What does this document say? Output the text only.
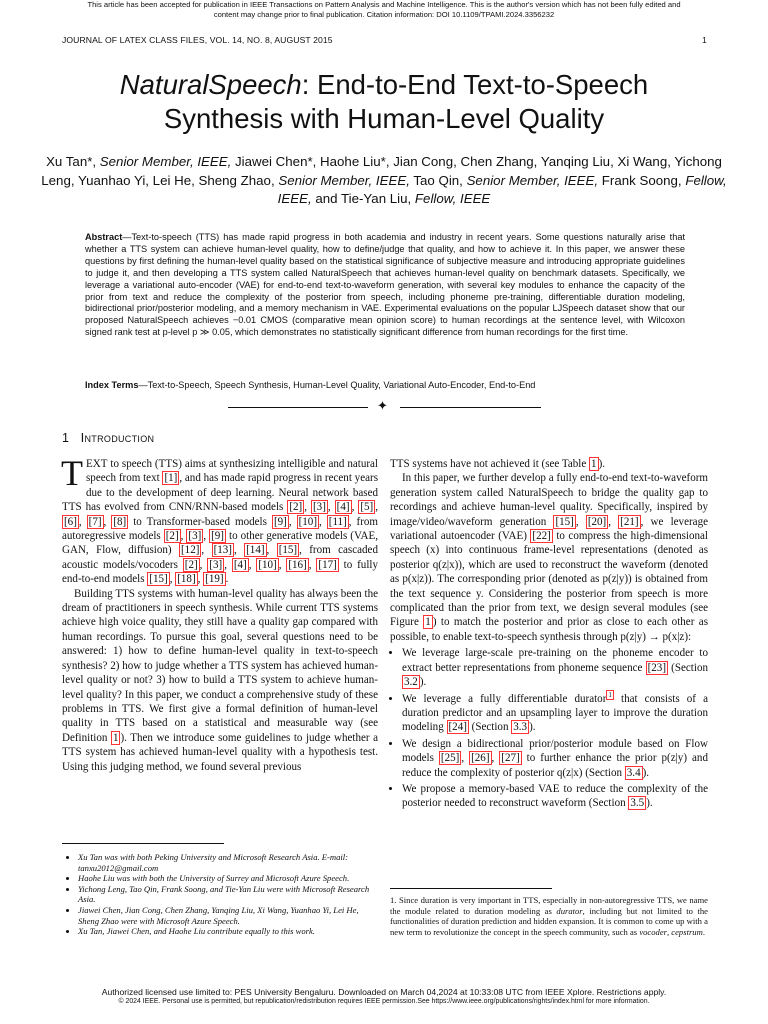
This article has been accepted for publication in IEEE Transactions on Pattern Analysis and Machine Intelligence. This is the author's version which has not been fully edited and
content may change prior to final publication. Citation information: DOI 10.1109/TPAMI.2024.3356232
JOURNAL OF LATEX CLASS FILES, VOL. 14, NO. 8, AUGUST 2015	1
NaturalSpeech: End-to-End Text-to-Speech
Synthesis with Human-Level Quality
Xu Tan*, Senior Member, IEEE, Jiawei Chen*, Haohe Liu*, Jian Cong, Chen Zhang, Yanqing Liu, Xi Wang, Yichong Leng, Yuanhao Yi, Lei He, Sheng Zhao, Senior Member, IEEE, Tao Qin, Senior Member, IEEE, Frank Soong, Fellow, IEEE, and Tie-Yan Liu, Fellow, IEEE
Abstract—Text-to-speech (TTS) has made rapid progress in both academia and industry in recent years. Some questions naturally arise that whether a TTS system can achieve human-level quality, how to define/judge that quality, and how to achieve it. In this paper, we answer these questions by first defining the human-level quality based on the statistical significance of subjective measure and introducing appropriate guidelines to judge it, and then developing a TTS system called NaturalSpeech that achieves human-level quality on benchmark datasets. Specifically, we leverage a variational auto-encoder (VAE) for end-to-end text-to-waveform generation, with several key modules to enhance the capacity of the prior from text and reduce the complexity of the posterior from speech, including phoneme pre-training, differentiable duration modeling, bidirectional prior/posterior modeling, and a memory mechanism in VAE. Experimental evaluations on the popular LJSpeech dataset show that our proposed NaturalSpeech achieves −0.01 CMOS (comparative mean opinion score) to human recordings at the sentence level, with Wilcoxon signed rank test at p-level p ≫ 0.05, which demonstrates no statistically significant difference from human recordings for the first time.
Index Terms—Text-to-Speech, Speech Synthesis, Human-Level Quality, Variational Auto-Encoder, End-to-End
✦
1 Introduction

TEXT to speech (TTS) aims at synthesizing intelligible and natural speech from text [1] , and has made rapid progress in recent years due to the development of deep learning. Neural network based TTS has evolved from CNN/RNN-based models [2] , [3] , [4] , [5] , [6] , [7] , [8] to Transformer-based models [9] , [10] , [11] , from autoregressive models [2] , [3] , [9] to other generative models (VAE, GAN, Flow, diffusion) [12] , [13] , [14] , [15] , from cascaded acoustic models/vocoders [2] , [3] , [4] , [10] , [16] , [17] to fully end-to-end models [15] , [18] , [19] .

Building TTS systems with human-level quality has always been the dream of practitioners in speech synthesis. While current TTS systems achieve high voice quality, they still have a quality gap compared with human recordings. To pursue this goal, several questions need to be answered: 1) how to define human-level quality in text-to-speech synthesis? 2) how to judge whether a TTS system has achieved human-level quality or not? 3) how to build a TTS system to achieve human-level quality? In this paper, we conduct a comprehensive study of these problems in TTS. We first give a formal definition of human-level quality in TTS based on a statistical and measurable way (see Definition 1 ). Then we introduce some guidelines to judge whether a TTS system has achieved human-level quality with a hypothesis test. Using this judging method, we found several previous

TTS systems have not achieved it (see Table 1 ).

In this paper, we further develop a fully end-to-end text-to-waveform generation system called NaturalSpeech to bridge the quality gap to recordings and achieve human-level quality. Specifically, inspired by image/video/waveform generation [15] , [20] , [21] , we leverage variational autoencoder (VAE) [22] to compress the high-dimensional speech (x) into continuous frame-level representations (denoted as posterior q(z|x)), which are used to reconstruct the waveform (denoted as p(x|z)). The corresponding prior (denoted as p(z|y)) is obtained from the text sequence y. Considering the posterior from speech is more complicated than the prior from text, we design several modules (see Figure 1 ) to match the posterior and prior as close to each other as possible, to enable text-to-speech synthesis through p(z|y) → p(x|z):

• We leverage large-scale pre-training on the phoneme encoder to extract better representations from phoneme sequence [23] (Section 3.2 ).
• We leverage a fully differentiable durator $^1$ that consists of a duration predictor and an upsampling layer to improve the duration modeling [24] (Section 3.3 ).
• We design a bidirectional prior/posterior module based on Flow models [25] , [26] , [27] to further enhance the prior p(z|y) and reduce the complexity of posterior q(z|x) (Section 3.4 ).
• We propose a memory-based VAE to reduce the complexity of the posterior needed to reconstruct waveform (Section 3.5 ).
• Xu Tan was with both Peking University and Microsoft Research Asia. E-mail: tanxu2012@gmail.com
• Haohe Liu was with both the University of Surrey and Microsoft Azure Speech.
• Yichong Leng, Tao Qin, Frank Soong, and Tie-Yan Liu were with Microsoft Research Asia.
• Jiawei Chen, Jian Cong, Chen Zhang, Yanqing Liu, Xi Wang, Yuanhao Yi, Lei He, Sheng Zhao were with Microsoft Azure Speech.
• Xu Tan, Jiawei Chen, and Haohe Liu contribute equally to this work.
1. Since duration is very important in TTS, especially in non-autoregressive TTS, we name the module related to duration modeling as durator, including but not limited to the functionalities of duration prediction and hidden expansion. It is common to come up with a new term to revolutionize the concept in the speech community, such as vocoder, cepstrum.
Authorized licensed use limited to: PES University Bengaluru. Downloaded on March 04,2024 at 10:33:08 UTC from IEEE Xplore. Restrictions apply.
© 2024 IEEE. Personal use is permitted, but republication/redistribution requires IEEE permission.See https://www.ieee.org/publications/rights/index.html for more information.
